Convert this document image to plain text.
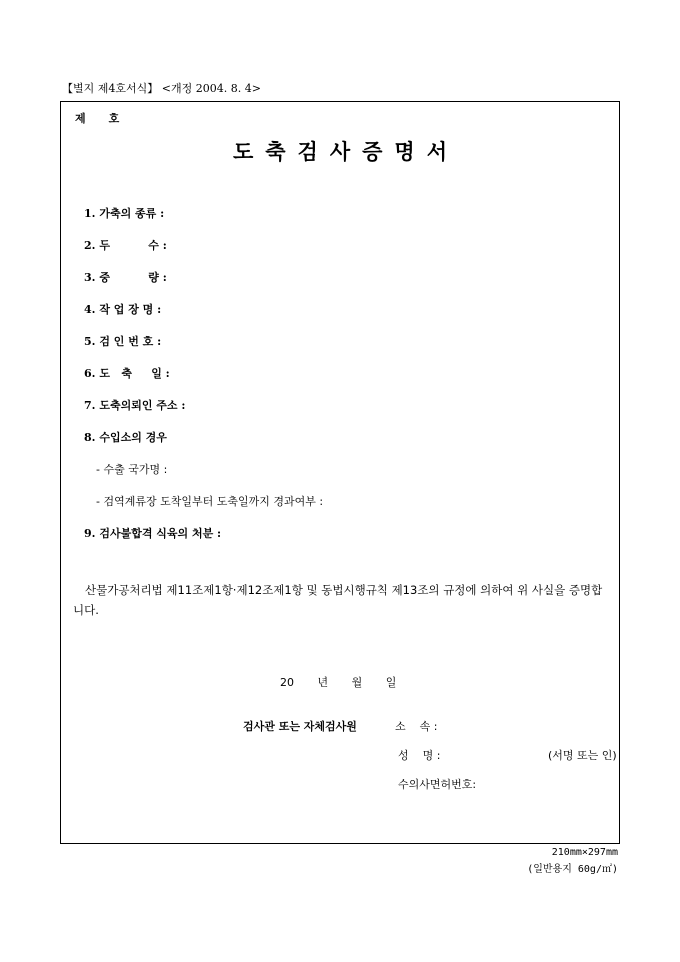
【별지 제4호서식】 <개정 2004. 8. 4>
제      호
도축검사증명서
1. 가축의 종류 :
2. 두          수 :
3. 중          량 :
4. 작 업 장 명 :
5. 검 인 번 호 :
6. 도   축     일 :
7. 도축의뢰인 주소 :
8. 수입소의 경우
- 수출 국가명 :
- 검역계류장 도착일부터 도축일까지 경과여부 :
9. 검사불합격 식육의 처분 :
산물가공처리법 제11조제1항·제12조제1항 및 동법시행규칙 제13조의 규정에 의하여 위 사실을 증명합니다.
20 년 월 일
검사관 또는 자체검사원	소    속 :
성    명 :	(서명 또는 인)
수의사면허번호:
210mm×297mm
(일반용지 60g/㎡)
